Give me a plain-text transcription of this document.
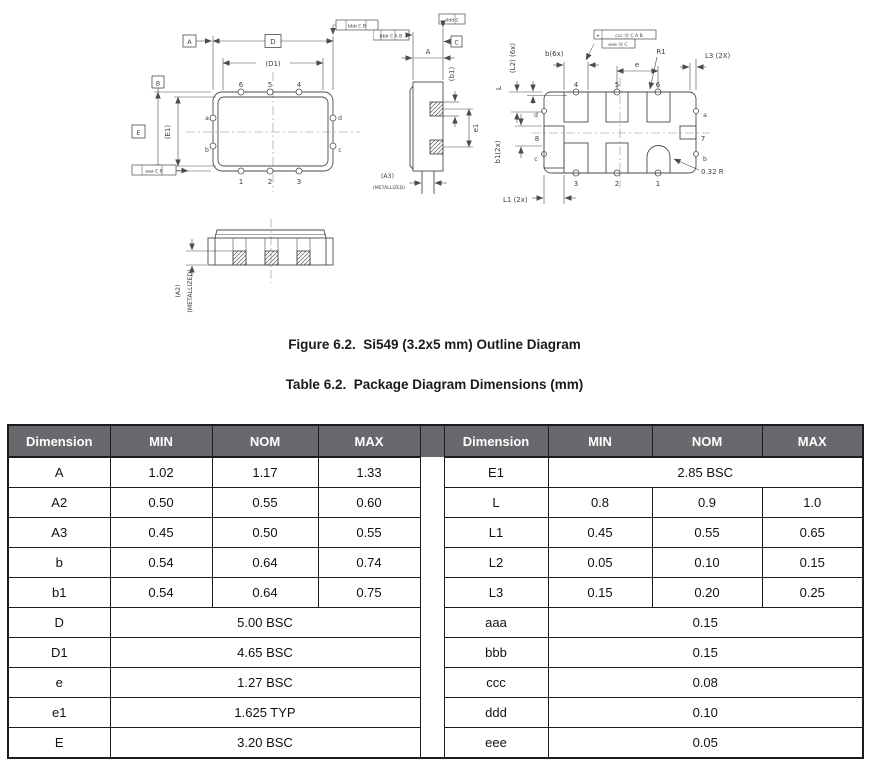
D
(D1)
A
bbb C B
E
B
(E1)
aaa C B
6	5	4
1	2	3
a
b
d
c
A
bbb C A B
ddd C
C
(b1)
e1
(A3)
(METALLIZED)
L
(L2) (6x)	b(6x)
⌖	ccc Ⓜ C A B
eee Ⓜ C
e
R1	L3 (2X)
b1(2x)
L1 (2x)
0.32 R
4	5	6
3	2	1
8	7
d	a
c	b
(A2) (METALLIZED)
Figure 6.2.  Si549 (3.2x5 mm) Outline Diagram
Table 6.2.  Package Diagram Dimensions (mm)
Dimension	MIN	NOM	MAX		Dimension	MIN	NOM	MAX
A	1.02	1.17	1.33		E1	2.85 BSC		
A2	0.50	0.55	0.60		L	0.8	0.9	1.0
A3	0.45	0.50	0.55		L1	0.45	0.55	0.65
b	0.54	0.64	0.74		L2	0.05	0.10	0.15
b1	0.54	0.64	0.75		L3	0.15	0.20	0.25
D	5.00 BSC				aaa	0.15		
D1	4.65 BSC				bbb	0.15		
e	1.27 BSC				ccc	0.08		
e1	1.625 TYP				ddd	0.10		
E	3.20 BSC				eee	0.05		
